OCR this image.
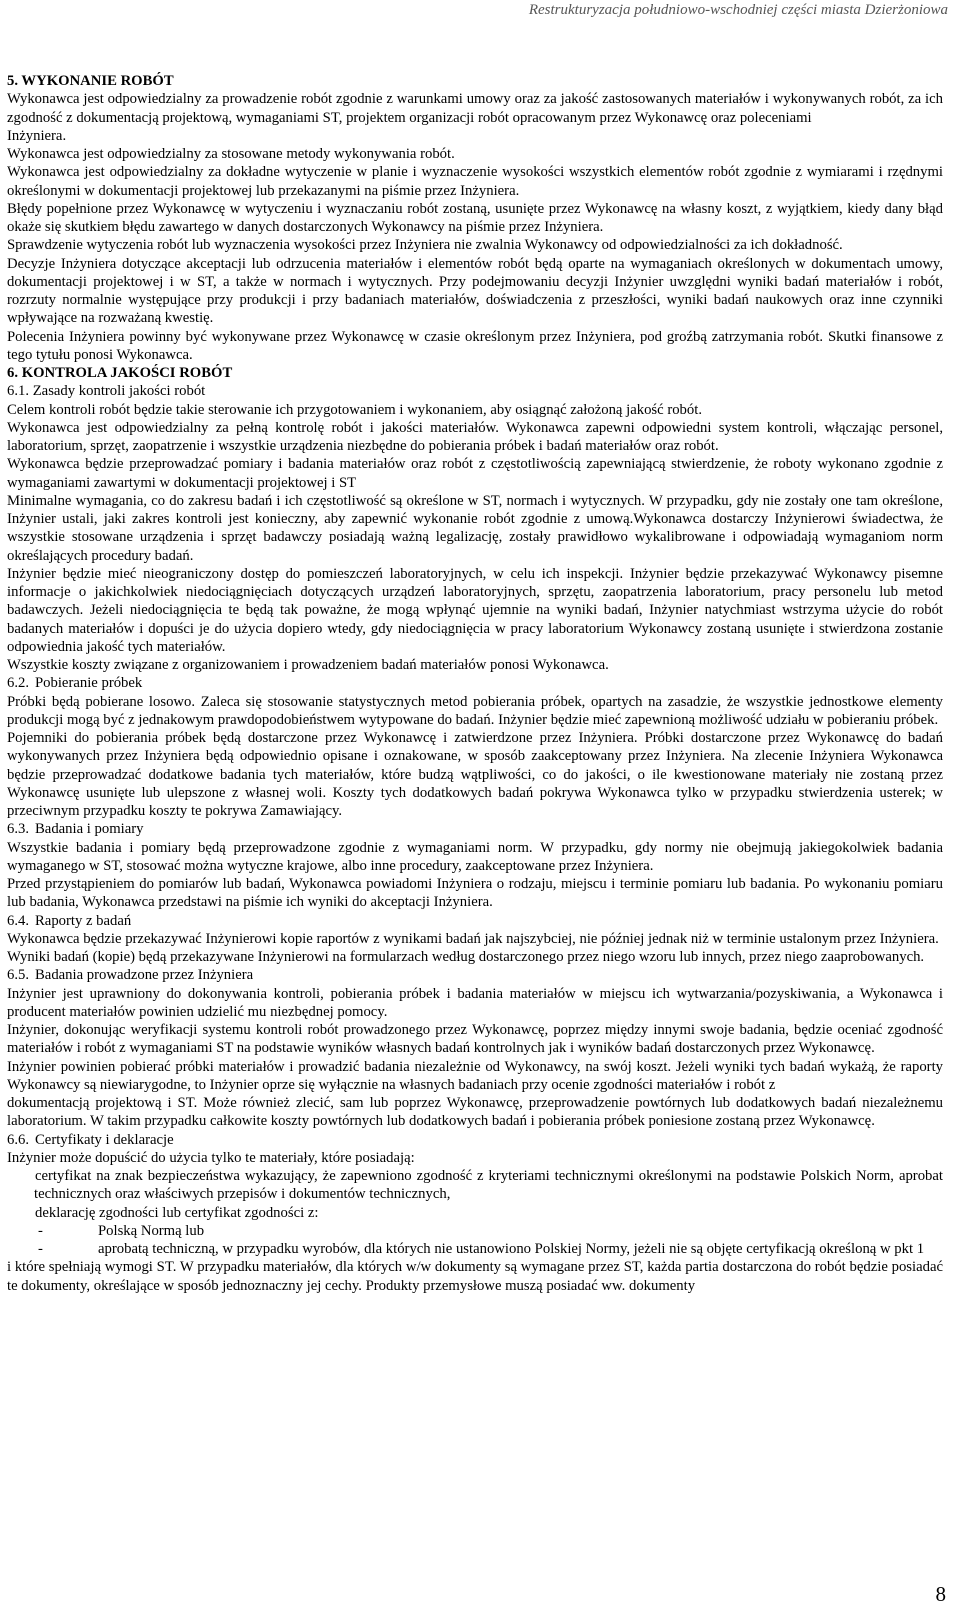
Restrukturyzacja południowo-wschodniej części miasta Dzierżoniowa

5. WYKONANIE ROBÓT

Wykonawca jest odpowiedzialny za prowadzenie robót zgodnie z warunkami umowy oraz za jakość zastosowanych materiałów i wykonywanych robót, za ich zgodność z dokumentacją projektową, wymaganiami ST, projektem organizacji robót opracowanym przez Wykonawcę oraz poleceniami

Inżyniera.

Wykonawca jest odpowiedzialny za stosowane metody wykonywania robót.

Wykonawca jest odpowiedzialny za dokładne wytyczenie w planie i wyznaczenie wysokości wszystkich elementów robót zgodnie z wymiarami i rzędnymi określonymi w dokumentacji projektowej lub przekazanymi na piśmie przez Inżyniera.

Błędy popełnione przez Wykonawcę w wytyczeniu i wyznaczaniu robót zostaną, usunięte przez Wykonawcę na własny koszt, z wyjątkiem, kiedy dany błąd okaże się skutkiem błędu zawartego w danych dostarczonych Wykonawcy na piśmie przez Inżyniera.

Sprawdzenie wytyczenia robót lub wyznaczenia wysokości przez Inżyniera nie zwalnia Wykonawcy od odpowiedzialności za ich dokładność.

Decyzje Inżyniera dotyczące akceptacji lub odrzucenia materiałów i elementów robót będą oparte na wymaganiach określonych w dokumentach umowy, dokumentacji projektowej i w ST, a także w normach i wytycznych. Przy podejmowaniu decyzji Inżynier uwzględni wyniki badań materiałów i robót, rozrzuty normalnie występujące przy produkcji i przy badaniach materiałów, doświadczenia z przeszłości, wyniki badań naukowych oraz inne czynniki wpływające na rozważaną kwestię.

Polecenia Inżyniera powinny być wykonywane przez Wykonawcę w czasie określonym przez Inżyniera, pod groźbą zatrzymania robót. Skutki finansowe z tego tytułu ponosi Wykonawca.

6. KONTROLA JAKOŚCI ROBÓT

6.1. Zasady kontroli jakości robót

Celem kontroli robót będzie takie sterowanie ich przygotowaniem i wykonaniem, aby osiągnąć założoną jakość robót.

Wykonawca jest odpowiedzialny za pełną kontrolę robót i jakości materiałów. Wykonawca zapewni odpowiedni system kontroli, włączając personel, laboratorium, sprzęt, zaopatrzenie i wszystkie urządzenia niezbędne do pobierania próbek i badań materiałów oraz robót.

Wykonawca będzie przeprowadzać pomiary i badania materiałów oraz robót z częstotliwością zapewniającą stwierdzenie, że roboty wykonano zgodnie z wymaganiami zawartymi w dokumentacji projektowej i ST

Minimalne wymagania, co do zakresu badań i ich częstotliwość są określone w ST, normach i wytycznych. W przypadku, gdy nie zostały one tam określone, Inżynier ustali, jaki zakres kontroli jest konieczny, aby zapewnić wykonanie robót zgodnie z umową.Wykonawca dostarczy Inżynierowi świadectwa, że wszystkie stosowane urządzenia i sprzęt badawczy posiadają ważną legalizację, zostały prawidłowo wykalibrowane i odpowiadają wymaganiom norm określających procedury badań.

Inżynier będzie mieć nieograniczony dostęp do pomieszczeń laboratoryjnych, w celu ich inspekcji. Inżynier będzie przekazywać Wykonawcy pisemne informacje o jakichkolwiek niedociągnięciach dotyczących urządzeń laboratoryjnych, sprzętu, zaopatrzenia laboratorium, pracy personelu lub metod badawczych. Jeżeli niedociągnięcia te będą tak poważne, że mogą wpłynąć ujemnie na wyniki badań, Inżynier natychmiast wstrzyma użycie do robót badanych materiałów i dopuści je do użycia dopiero wtedy, gdy niedociągnięcia w pracy laboratorium Wykonawcy zostaną usunięte i stwierdzona zostanie odpowiednia jakość tych materiałów.

Wszystkie koszty związane z organizowaniem i prowadzeniem badań materiałów ponosi Wykonawca.

6.2. Pobieranie próbek

Próbki będą pobierane losowo. Zaleca się stosowanie statystycznych metod pobierania próbek, opartych na zasadzie, że wszystkie jednostkowe elementy produkcji mogą być z jednakowym prawdopodobieństwem wytypowane do badań. Inżynier będzie mieć zapewnioną możliwość udziału w pobieraniu próbek.

Pojemniki do pobierania próbek będą dostarczone przez Wykonawcę i zatwierdzone przez Inżyniera. Próbki dostarczone przez Wykonawcę do badań wykonywanych przez Inżyniera będą odpowiednio opisane i oznakowane, w sposób zaakceptowany przez Inżyniera. Na zlecenie Inżyniera Wykonawca będzie przeprowadzać dodatkowe badania tych materiałów, które budzą wątpliwości, co do jakości, o ile kwestionowane materiały nie zostaną przez Wykonawcę usunięte lub ulepszone z własnej woli. Koszty tych dodatkowych badań pokrywa Wykonawca tylko w przypadku stwierdzenia usterek; w przeciwnym przypadku koszty te pokrywa Zamawiający.

6.3. Badania i pomiary

Wszystkie badania i pomiary będą przeprowadzone zgodnie z wymaganiami norm. W przypadku, gdy normy nie obejmują jakiegokolwiek badania wymaganego w ST, stosować można wytyczne krajowe, albo inne procedury, zaakceptowane przez Inżyniera.

Przed przystąpieniem do pomiarów lub badań, Wykonawca powiadomi Inżyniera o rodzaju, miejscu i terminie pomiaru lub badania. Po wykonaniu pomiaru lub badania, Wykonawca przedstawi na piśmie ich wyniki do akceptacji Inżyniera.

6.4. Raporty z badań

Wykonawca będzie przekazywać Inżynierowi kopie raportów z wynikami badań jak najszybciej, nie później jednak niż w terminie ustalonym przez Inżyniera.

Wyniki badań (kopie) będą przekazywane Inżynierowi na formularzach według dostarczonego przez niego wzoru lub innych, przez niego zaaprobowanych.

6.5. Badania prowadzone przez Inżyniera

Inżynier jest uprawniony do dokonywania kontroli, pobierania próbek i badania materiałów w miejscu ich wytwarzania/pozyskiwania, a Wykonawca i producent materiałów powinien udzielić mu niezbędnej pomocy.

Inżynier, dokonując weryfikacji systemu kontroli robót prowadzonego przez Wykonawcę, poprzez między innymi swoje badania, będzie oceniać zgodność materiałów i robót z wymaganiami ST na podstawie wyników własnych badań kontrolnych jak i wyników badań dostarczonych przez Wykonawcę.

Inżynier powinien pobierać próbki materiałów i prowadzić badania niezależnie od Wykonawcy, na swój koszt. Jeżeli wyniki tych badań wykażą, że raporty Wykonawcy są niewiarygodne, to Inżynier oprze się wyłącznie na własnych badaniach przy ocenie zgodności materiałów i robót z

dokumentacją projektową i ST. Może również zlecić, sam lub poprzez Wykonawcę, przeprowadzenie powtórnych lub dodatkowych badań niezależnemu laboratorium. W takim przypadku całkowite koszty powtórnych lub dodatkowych badań i pobierania próbek poniesione zostaną przez Wykonawcę.

6.6. Certyfikaty i deklaracje

Inżynier może dopuścić do użycia tylko te materiały, które posiadają:

certyfikat na znak bezpieczeństwa wykazujący, że zapewniono zgodność z kryteriami technicznymi określonymi na podstawie Polskich Norm, aprobat technicznych oraz właściwych przepisów i dokumentów technicznych,

deklarację zgodności lub certyfikat zgodności z:

-	Polską Normą lub

-	aprobatą techniczną, w przypadku wyrobów, dla których nie ustanowiono Polskiej Normy, jeżeli nie są objęte certyfikacją określoną w pkt 1

i które spełniają wymogi ST. W przypadku materiałów, dla których w/w dokumenty są wymagane przez ST, każda partia dostarczona do robót będzie posiadać te dokumenty, określające w sposób jednoznaczny jej cechy. Produkty przemysłowe muszą posiadać ww. dokumenty

8
